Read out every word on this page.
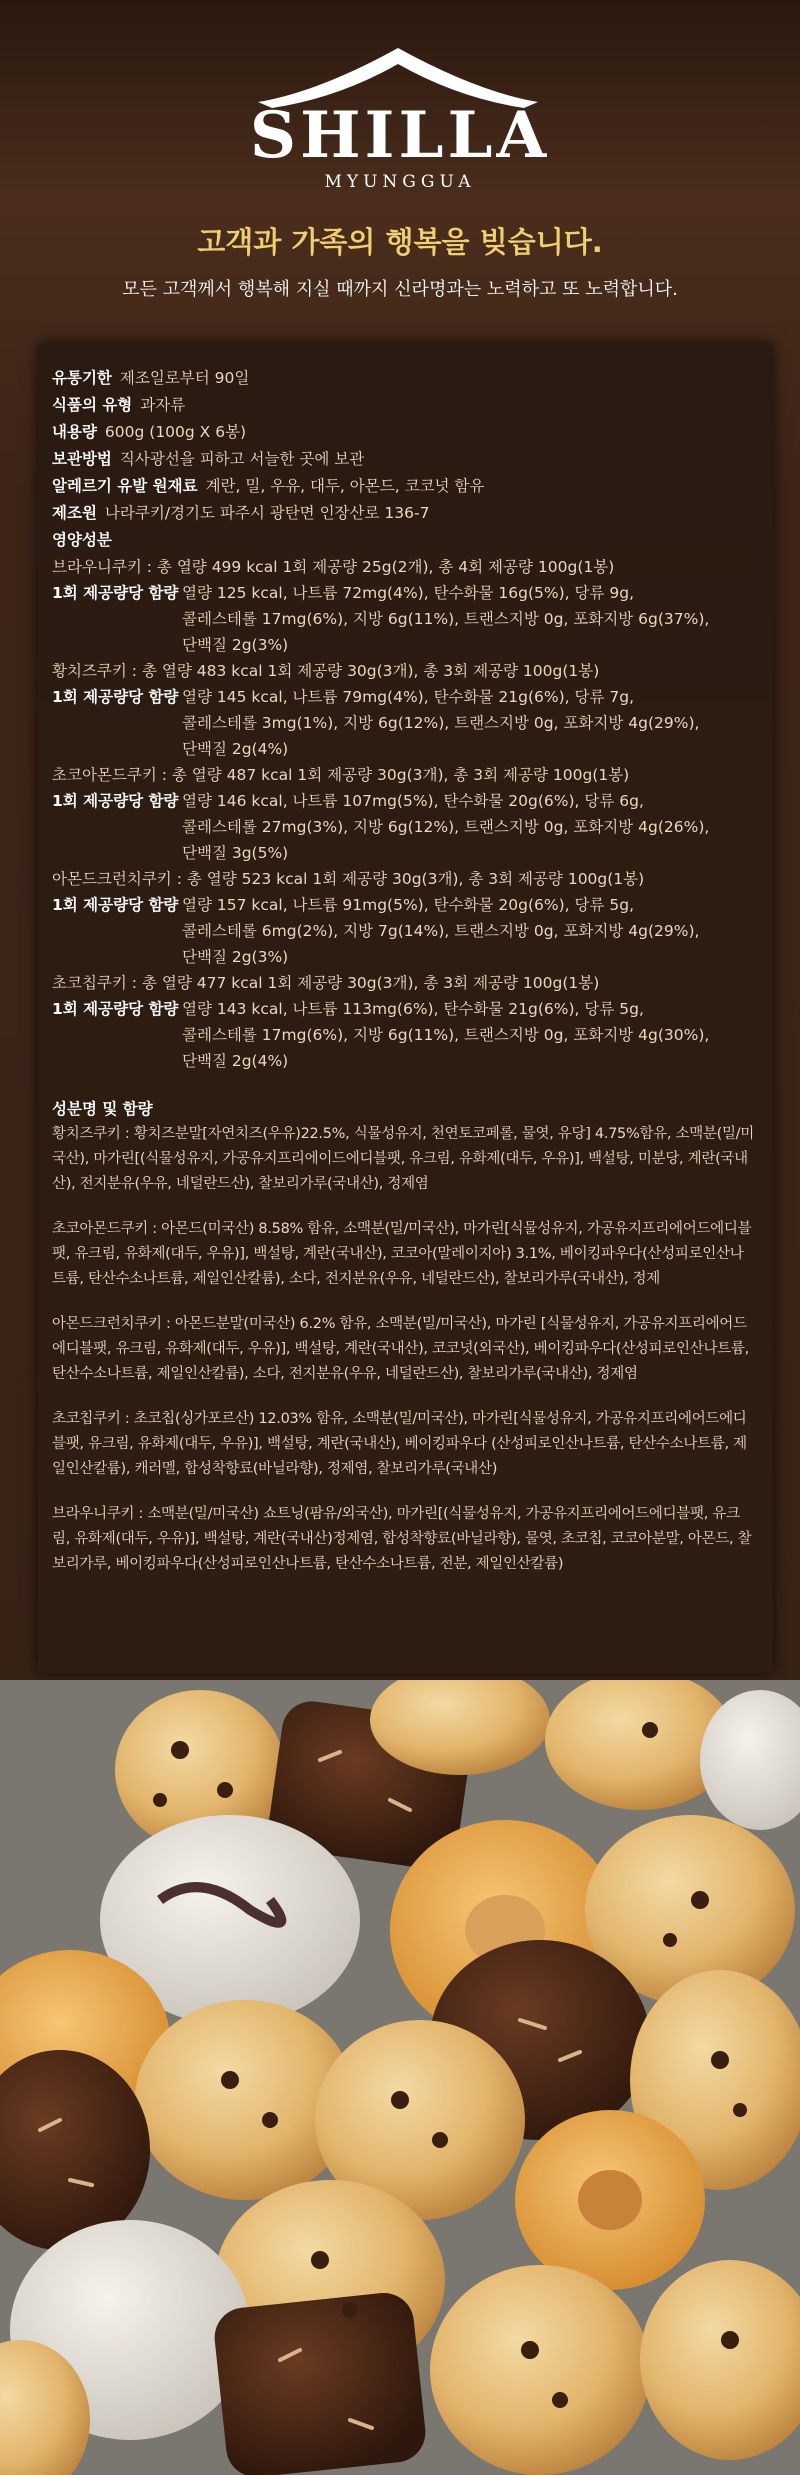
SHILLA
MYUNGGUA
고객과 가족의 행복을 빚습니다.
모든 고객께서 행복해 지실 때까지 신라명과는 노력하고 또 노력합니다.
유통기한 제조일로부터 90일
식품의 유형 과자류
내용량 600g (100g X 6봉)
보관방법 직사광선을 피하고 서늘한 곳에 보관
알레르기 유발 원재료 계란, 밀, 우유, 대두, 아몬드, 코코넛 함유
제조원 나라쿠키/경기도 파주시 광탄면 인장산로 136-7
영양성분
브라우니쿠키 : 총 열량 499 kcal 1회 제공량 25g(2개), 총 4회 제공량 100g(1봉)
1회 제공량당 함량 열량 125 kcal, 나트륨 72mg(4%), 탄수화물 16g(5%), 당류 9g,
콜레스테롤 17mg(6%), 지방 6g(11%), 트랜스지방 0g, 포화지방 6g(37%),
단백질 2g(3%)
황치즈쿠키 : 총 열량 483 kcal 1회 제공량 30g(3개), 총 3회 제공량 100g(1봉)
1회 제공량당 함량 열량 145 kcal, 나트륨 79mg(4%), 탄수화물 21g(6%), 당류 7g,
콜레스테롤 3mg(1%), 지방 6g(12%), 트랜스지방 0g, 포화지방 4g(29%),
단백질 2g(4%)
초코아몬드쿠키 : 총 열량 487 kcal 1회 제공량 30g(3개), 총 3회 제공량 100g(1봉)
1회 제공량당 함량 열량 146 kcal, 나트륨 107mg(5%), 탄수화물 20g(6%), 당류 6g,
콜레스테롤 27mg(3%), 지방 6g(12%), 트랜스지방 0g, 포화지방 4g(26%),
단백질 3g(5%)
아몬드크런치쿠키 : 총 열량 523 kcal 1회 제공량 30g(3개), 총 3회 제공량 100g(1봉)
1회 제공량당 함량 열량 157 kcal, 나트륨 91mg(5%), 탄수화물 20g(6%), 당류 5g,
콜레스테롤 6mg(2%), 지방 7g(14%), 트랜스지방 0g, 포화지방 4g(29%),
단백질 2g(3%)
초코칩쿠키 : 총 열량 477 kcal 1회 제공량 30g(3개), 총 3회 제공량 100g(1봉)
1회 제공량당 함량 열량 143 kcal, 나트륨 113mg(6%), 탄수화물 21g(6%), 당류 5g,
콜레스테롤 17mg(6%), 지방 6g(11%), 트랜스지방 0g, 포화지방 4g(30%),
단백질 2g(4%)
성분명 및 함량
황치즈쿠키 : 황치즈분말[자연치즈(우유)22.5%, 식물성유지, 천연토코페롤, 물엿, 유당] 4.75%함유, 소맥분(밀/미국산), 마가린[(식물성유지, 가공유지프리에이드에디블팻, 유크림, 유화제(대두, 우유)], 백설탕, 미분당, 계란(국내산), 전지분유(우유, 네덜란드산), 찰보리가루(국내산), 정제염
초코아몬드쿠키 : 아몬드(미국산) 8.58% 함유, 소맥분(밀/미국산), 마가린[식물성유지, 가공유지프리에어드에디블팻, 유크림, 유화제(대두, 우유)], 백설탕, 계란(국내산), 코코아(말레이지아) 3.1%, 베이킹파우다(산성피로인산나트륨, 탄산수소나트륨, 제일인산칼륨), 소다, 전지분유(우유, 네덜란드산), 찰보리가루(국내산), 정제
아몬드크런치쿠키 : 아몬드분말(미국산) 6.2% 함유, 소맥분(밀/미국산), 마가린 [식물성유지, 가공유지프리에어드에디블팻, 유크림, 유화제(대두, 우유)], 백설탕, 계란(국내산), 코코넛(외국산), 베이킹파우다(산성피로인산나트륨, 탄산수소나트륨, 제일인산칼륨), 소다, 전지분유(우유, 네덜란드산), 찰보리가루(국내산), 정제염
초코칩쿠키 : 초코칩(싱가포르산) 12.03% 함유, 소맥분(밀/미국산), 마가린[식물성유지, 가공유지프리에어드에디블팻, 유크림, 유화제(대두, 우유)], 백설탕, 계란(국내산), 베이킹파우다 (산성피로인산나트륨, 탄산수소나트륨, 제일인산칼륨), 캐러멜, 합성착향료(바닐라향), 정제염, 찰보리가루(국내산)
브라우니쿠키 : 소맥분(밀/미국산) 쇼트닝(팜유/외국산), 마가린[(식물성유지, 가공유지프리에어드에디블팻, 유크림, 유화제(대두, 우유)], 백설탕, 계란(국내산)정제염, 합성착향료(바닐라향), 물엿, 초코칩, 코코아분말, 아몬드, 찰보리가루, 베이킹파우다(산성피로인산나트륨, 탄산수소나트륨, 전분, 제일인산칼륨)
